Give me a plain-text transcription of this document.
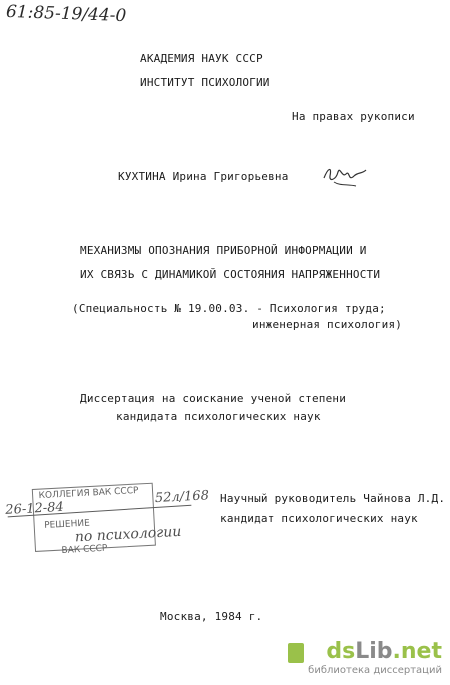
61:85-19/44-0
АКАДЕМИЯ НАУК СССР
ИНСТИТУТ ПСИХОЛОГИИ
На правах рукописи
КУХТИНА Ирина Григорьевна
МЕХАНИЗМЫ ОПОЗНАНИЯ ПРИБОРНОЙ ИНФОРМАЦИИ И
ИХ СВЯЗЬ С ДИНАМИКОЙ СОСТОЯНИЯ НАПРЯЖЕННОСТИ
(Специальность № 19.00.03. - Психология труда;
инженерная психология)
Диссертация на соискание ученой степени
кандидата психологических наук
КОЛЛЕГИЯ ВАК СССР
РЕШЕНИЕ
ВАК СССР
26-12-84
52л/168
по психологии
Научный руководитель Чайнова Л.Д.
кандидат психологических наук
Москва, 1984 г.
dsLib.net
библиотека диссертаций
